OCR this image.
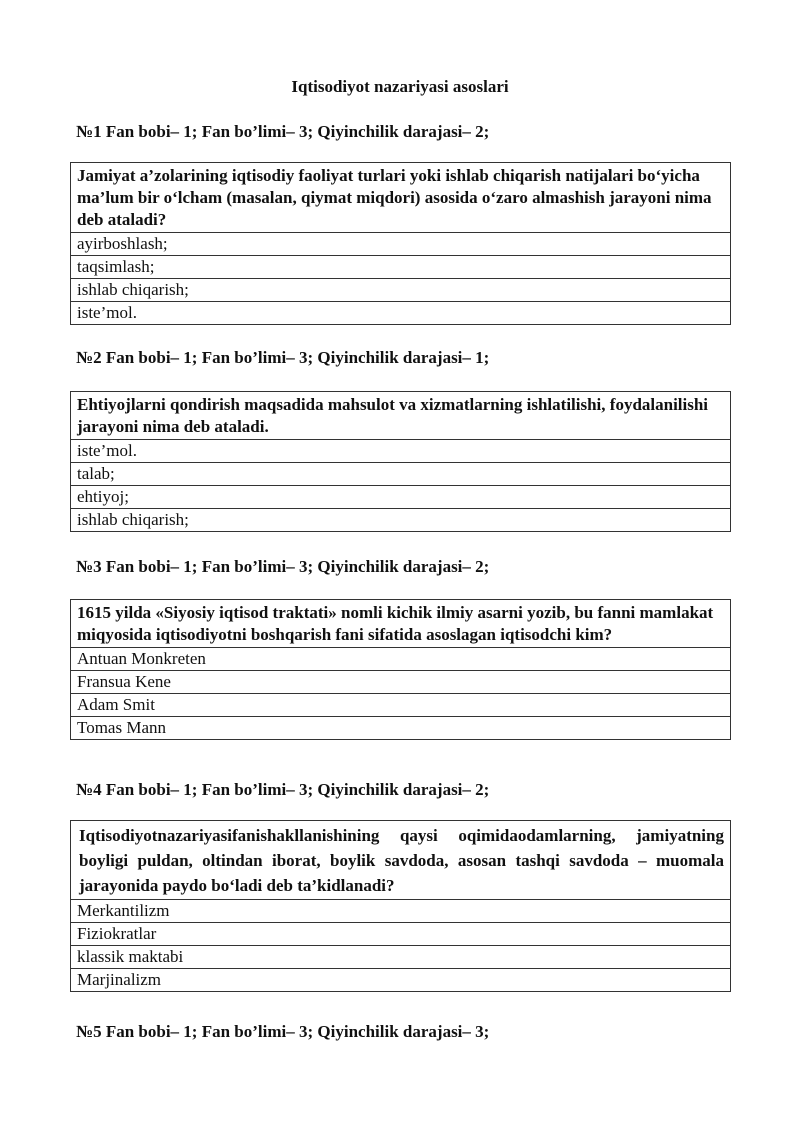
Iqtisodiyot nazariyasi asoslari
№1 Fan bobi– 1; Fan bo’limi– 3; Qiyinchilik darajasi– 2;
Jamiyat a’zolarining iqtisodiy faoliyat turlari yoki ishlab chiqarish natijalari bo‘yicha ma’lum bir o‘lcham (masalan, qiymat miqdori) asosida o‘zaro almashish jarayoni nima deb ataladi?
ayirboshlash;
taqsimlash;
ishlab chiqarish;
iste’mol.
№2 Fan bobi– 1; Fan bo’limi– 3; Qiyinchilik darajasi– 1;
Ehtiyojlarni qondirish maqsadida mahsulot va xizmatlarning ishlatilishi, foydalanilishi jarayoni nima deb ataladi.
iste’mol.
talab;
ehtiyoj;
ishlab chiqarish;
№3 Fan bobi– 1; Fan bo’limi– 3; Qiyinchilik darajasi– 2;
1615 yilda «Siyosiy iqtisod traktati» nomli kichik ilmiy asarni yozib, bu fanni mamlakat miqyosida iqtisodiyotni boshqarish fani sifatida asoslagan iqtisodchi kim?
Antuan Monkreten
Fransua Kene
Adam Smit
Tomas Mann
№4 Fan bobi– 1; Fan bo’limi– 3; Qiyinchilik darajasi– 2;
Iqtisodiyotnazariyasifanishakllanishining qaysi oqimidaodamlarning, jamiyatning boyligi puldan, oltindan iborat, boylik savdoda, asosan tashqi savdoda – muomala jarayonida paydo bo‘ladi deb ta’kidlanadi?
Merkantilizm
Fiziokratlar
klassik maktabi
Marjinalizm
№5 Fan bobi– 1; Fan bo’limi– 3; Qiyinchilik darajasi– 3;
